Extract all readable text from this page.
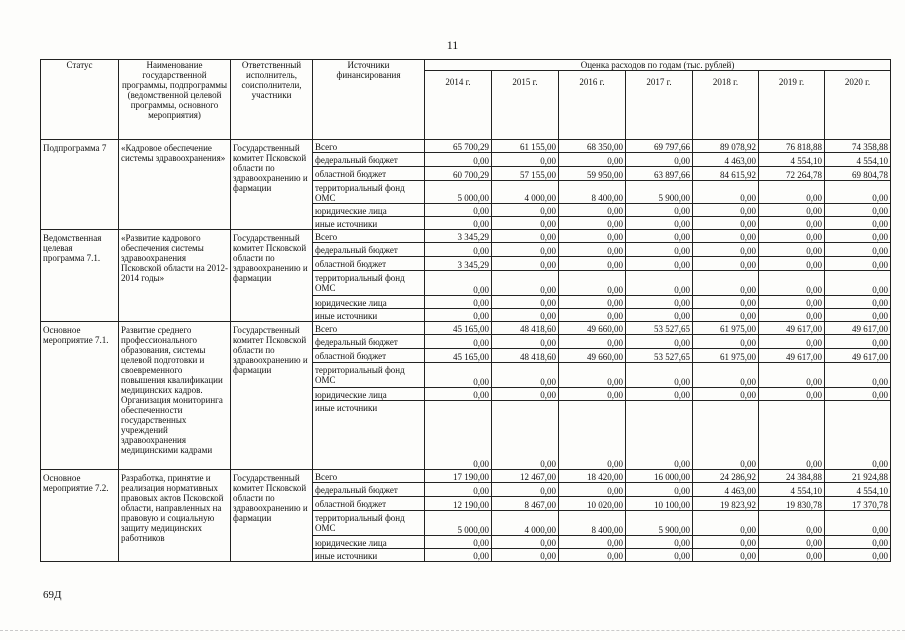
11
Статус	Наименование государственной программы, подпрограммы (ведомственной целевой программы, основного мероприятия)	Ответственный исполнитель, соисполнители, участники	Источники финансирования	Оценка расходов по годам (тыс. рублей)						
				2014 г.	2015 г.	2016 г.	2017 г.	2018 г.	2019 г.	2020 г.
Подпрограмма 7	«Кадровое обеспечение системы здравоохранения»	Государственный комитет Псковской области по здравоохранению и фармации	Всего	65 700,29	61 155,00	68 350,00	69 797,66	89 078,92	76 818,88	74 358,88
			федеральный бюджет	0,00	0,00	0,00	0,00	4 463,00	4 554,10	4 554,10
			областной бюджет	60 700,29	57 155,00	59 950,00	63 897,66	84 615,92	72 264,78	69 804,78
			территориальный фонд ОМС	5 000,00	4 000,00	8 400,00	5 900,00	0,00	0,00	0,00
			юридические лица	0,00	0,00	0,00	0,00	0,00	0,00	0,00
			иные источники	0,00	0,00	0,00	0,00	0,00	0,00	0,00
Ведомственная целевая программа 7.1.	«Развитие кадрового обеспечения системы здравоохранения Псковской области на 2012-2014 годы»	Государственный комитет Псковской области по здравоохранению и фармации	Всего	3 345,29	0,00	0,00	0,00	0,00	0,00	0,00
			федеральный бюджет	0,00	0,00	0,00	0,00	0,00	0,00	0,00
			областной бюджет	3 345,29	0,00	0,00	0,00	0,00	0,00	0,00
			территориальный фонд ОМС	0,00	0,00	0,00	0,00	0,00	0,00	0,00
			юридические лица	0,00	0,00	0,00	0,00	0,00	0,00	0,00
			иные источники	0,00	0,00	0,00	0,00	0,00	0,00	0,00
Основное мероприятие 7.1.	Развитие среднего профессионального образования, системы целевой подготовки и своевременного повышения квалификации медицинских кадров. Организация мониторинга обеспеченности государственных учреждений здравоохранения медицинскими кадрами	Государственный комитет Псковской области по здравоохранению и фармации	Всего	45 165,00	48 418,60	49 660,00	53 527,65	61 975,00	49 617,00	49 617,00
			федеральный бюджет	0,00	0,00	0,00	0,00	0,00	0,00	0,00
			областной бюджет	45 165,00	48 418,60	49 660,00	53 527,65	61 975,00	49 617,00	49 617,00
			территориальный фонд ОМС	0,00	0,00	0,00	0,00	0,00	0,00	0,00
			юридические лица	0,00	0,00	0,00	0,00	0,00	0,00	0,00
			иные источники	0,00	0,00	0,00	0,00	0,00	0,00	0,00
Основное мероприятие 7.2.	Разработка, принятие и реализация нормативных правовых актов Псковской области, направленных на правовую и социальную защиту медицинских работников	Государственный комитет Псковской области по здравоохранению и фармации	Всего	17 190,00	12 467,00	18 420,00	16 000,00	24 286,92	24 384,88	21 924,88
			федеральный бюджет	0,00	0,00	0,00	0,00	4 463,00	4 554,10	4 554,10
			областной бюджет	12 190,00	8 467,00	10 020,00	10 100,00	19 823,92	19 830,78	17 370,78
			территориальный фонд ОМС	5 000,00	4 000,00	8 400,00	5 900,00	0,00	0,00	0,00
			юридические лица	0,00	0,00	0,00	0,00	0,00	0,00	0,00
			иные источники	0,00	0,00	0,00	0,00	0,00	0,00	0,00
69Д
